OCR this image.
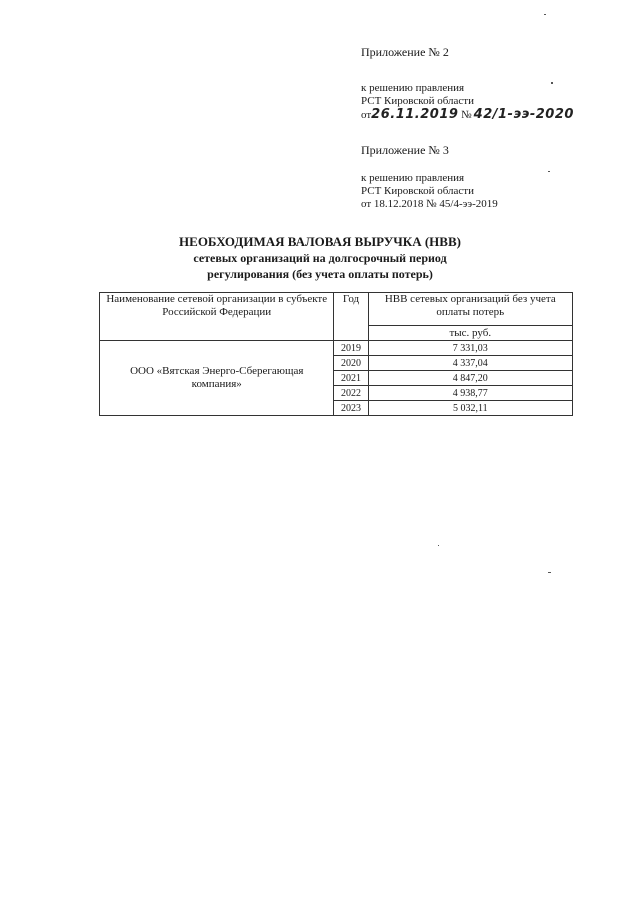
Приложение № 2
к решению правления
РСТ Кировской области
от26.11.2019 № 42/1-ээ-2020
Приложение № 3
к решению правления
РСТ Кировской области
от 18.12.2018 № 45/4-ээ-2019
НЕОБХОДИМАЯ ВАЛОВАЯ ВЫРУЧКА (НВВ)
сетевых организаций на долгосрочный период
регулирования (без учета оплаты потерь)
Наименование сетевой организации в субъекте Российской Федерации	Год	НВВ сетевых организаций без учета оплаты потерь
		тыс. руб.
ООО «Вятская Энерго-Сберегающая компания»	2019	7 331,03
	2020	4 337,04
	2021	4 847,20
	2022	4 938,77
	2023	5 032,11
